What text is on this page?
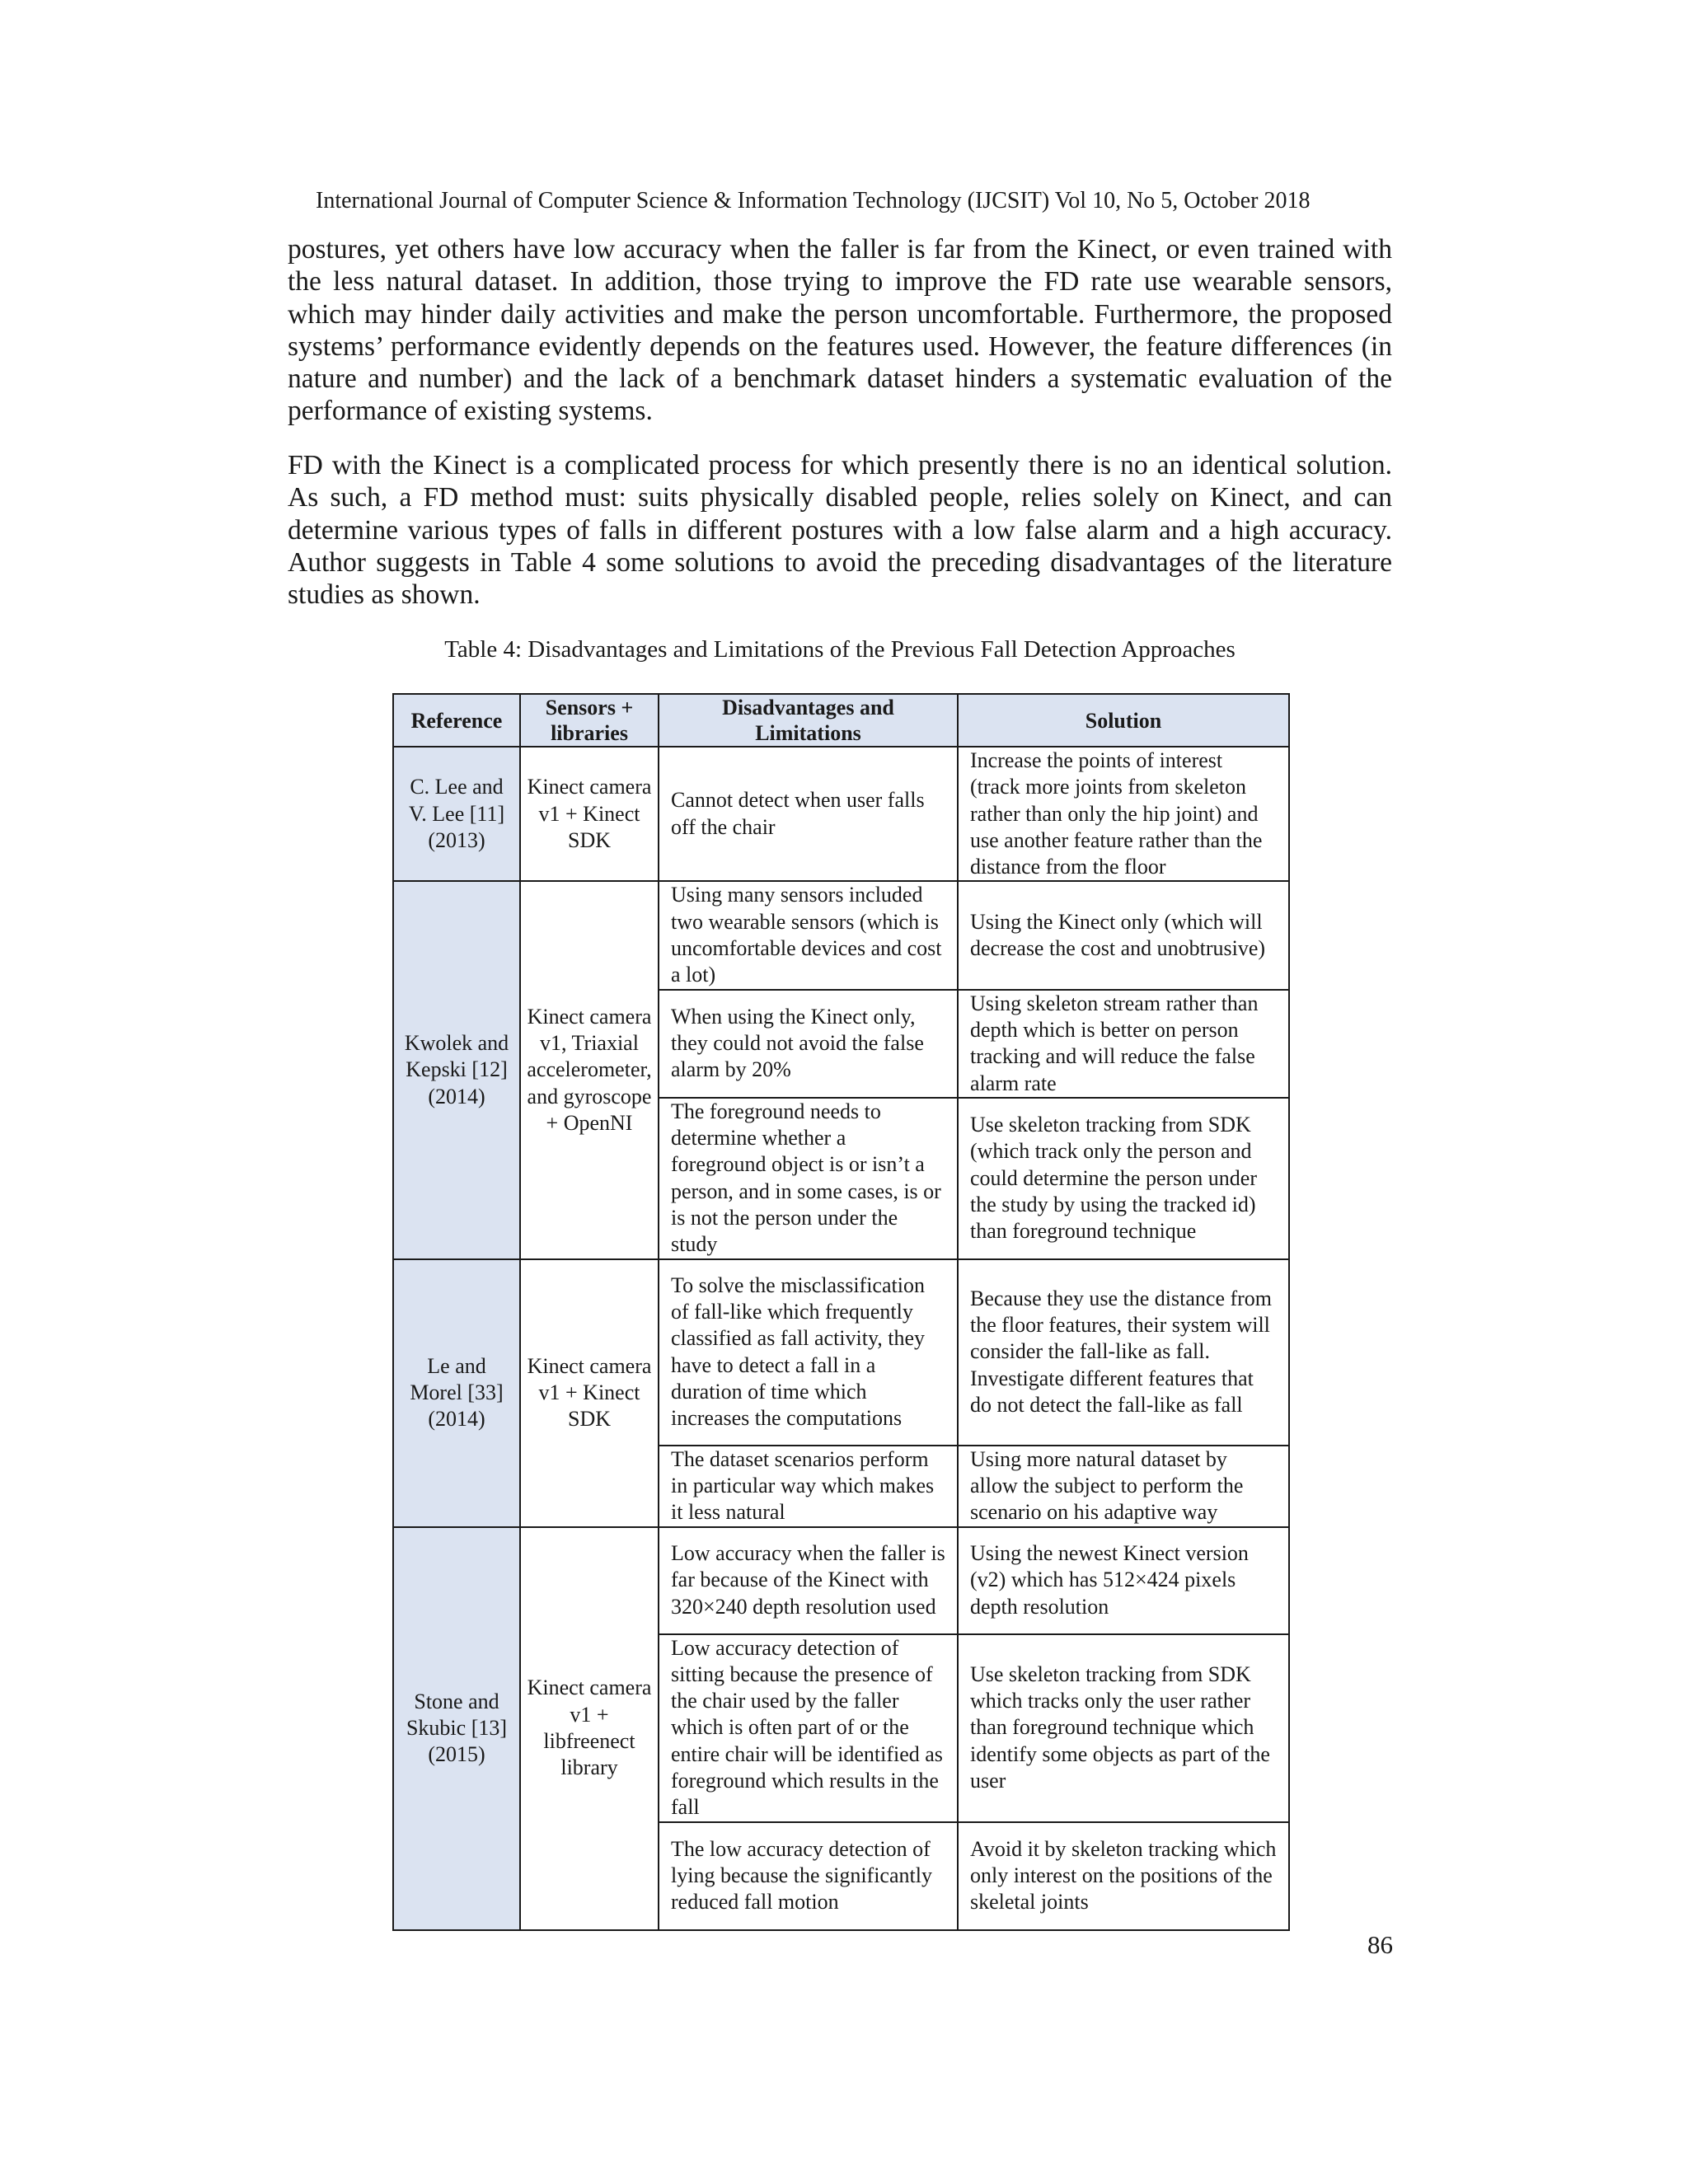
International Journal of Computer Science & Information Technology (IJCSIT) Vol 10, No 5, October 2018

postures, yet others have low accuracy when the faller is far from the Kinect, or even trained with the less natural dataset. In addition, those trying to improve the FD rate use wearable sensors, which may hinder daily activities and make the person uncomfortable. Furthermore, the proposed systems’ performance evidently depends on the features used. However, the feature differences (in nature and number) and the lack of a benchmark dataset hinders a systematic evaluation of the performance of existing systems.

FD with the Kinect is a complicated process for which presently there is no an identical solution. As such, a FD method must: suits physically disabled people, relies solely on Kinect, and can determine various types of falls in different postures with a low false alarm and a high accuracy. Author suggests in Table 4 some solutions to avoid the preceding disadvantages of the literature studies as shown.

Table 4: Disadvantages and Limitations of the Previous Fall Detection Approaches
Reference	Sensors + libraries	Disadvantages and Limitations	Solution
C. Lee and V. Lee [11] (2013)	Kinect camera v1 + Kinect SDK	Cannot detect when user falls off the chair	Increase the points of interest (track more joints from skeleton rather than only the hip joint) and use another feature rather than the distance from the floor
Kwolek and Kepski [12] (2014)	Kinect camera v1, Triaxial accelerometer, and gyroscope + OpenNI	Using many sensors included two wearable sensors (which is uncomfortable devices and cost a lot)	Using the Kinect only (which will decrease the cost and unobtrusive)
		When using the Kinect only, they could not avoid the false alarm by 20%	Using skeleton stream rather than depth which is better on person tracking and will reduce the false alarm rate
		The foreground needs to determine whether a foreground object is or isn’t a person, and in some cases, is or is not the person under the study	Use skeleton tracking from SDK (which track only the person and could determine the person under the study by using the tracked id) than foreground technique
Le and Morel [33] (2014)	Kinect camera v1 + Kinect SDK	To solve the misclassification of fall-like which frequently classified as fall activity, they have to detect a fall in a duration of time which increases the computations	Because they use the distance from the floor features, their system will consider the fall-like as fall. Investigate different features that do not detect the fall-like as fall
		The dataset scenarios perform in particular way which makes it less natural	Using more natural dataset by allow the subject to perform the scenario on his adaptive way
Stone and Skubic [13] (2015)	Kinect camera v1 + libfreenect library	Low accuracy when the faller is far because of the Kinect with 320×240 depth resolution used	Using the newest Kinect version (v2) which has 512×424 pixels depth resolution
		Low accuracy detection of sitting because the presence of the chair used by the faller which is often part of or the entire chair will be identified as foreground which results in the fall	Use skeleton tracking from SDK which tracks only the user rather than foreground technique which identify some objects as part of the user
		The low accuracy detection of lying because the significantly reduced fall motion	Avoid it by skeleton tracking which only interest on the positions of the skeletal joints
86
